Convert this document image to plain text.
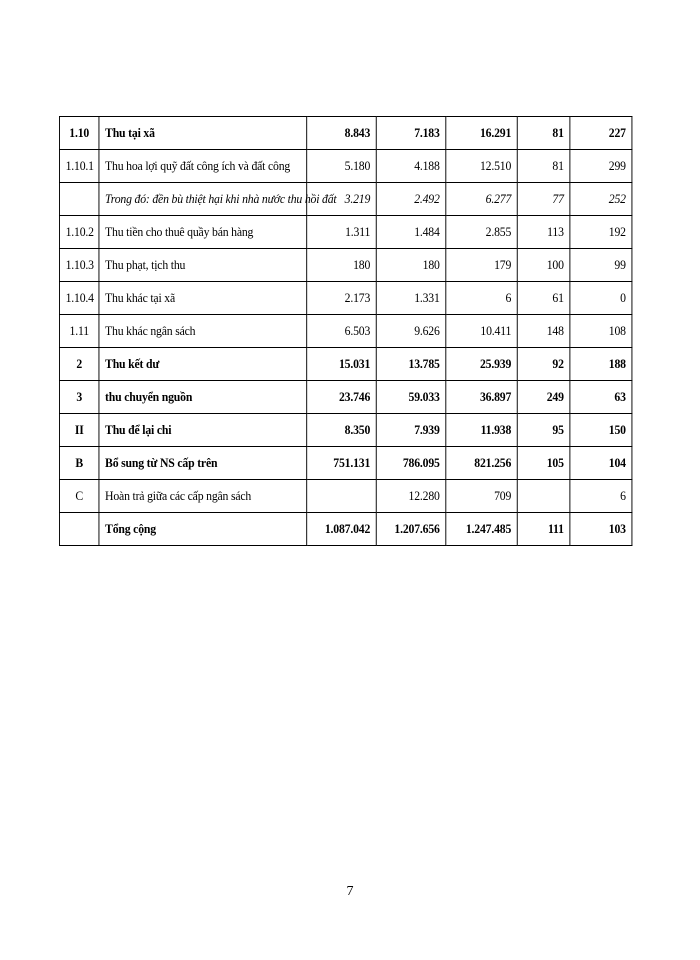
1.10	Thu tại xã	8.843	7.183	16.291	81	227
1.10.1	Thu hoa lợi quỹ đất công ích và đất công	5.180	4.188	12.510	81	299
	Trong đó: đền bù thiệt hại khi nhà nước thu hồi đất	3.219	2.492	6.277	77	252
1.10.2	Thu tiền cho thuê quầy bán hàng	1.311	1.484	2.855	113	192
1.10.3	Thu phạt, tịch thu	180	180	179	100	99
1.10.4	Thu khác tại xã	2.173	1.331	6	61	0
1.11	Thu khác ngân sách	6.503	9.626	10.411	148	108
2	Thu kết dư	15.031	13.785	25.939	92	188
3	thu chuyển nguồn	23.746	59.033	36.897	249	63
II	Thu để lại chi	8.350	7.939	11.938	95	150
B	Bổ sung từ NS cấp trên	751.131	786.095	821.256	105	104
C	Hoàn trả giữa các cấp ngân sách		12.280	709		6
	Tổng cộng	1.087.042	1.207.656	1.247.485	111	103
7
